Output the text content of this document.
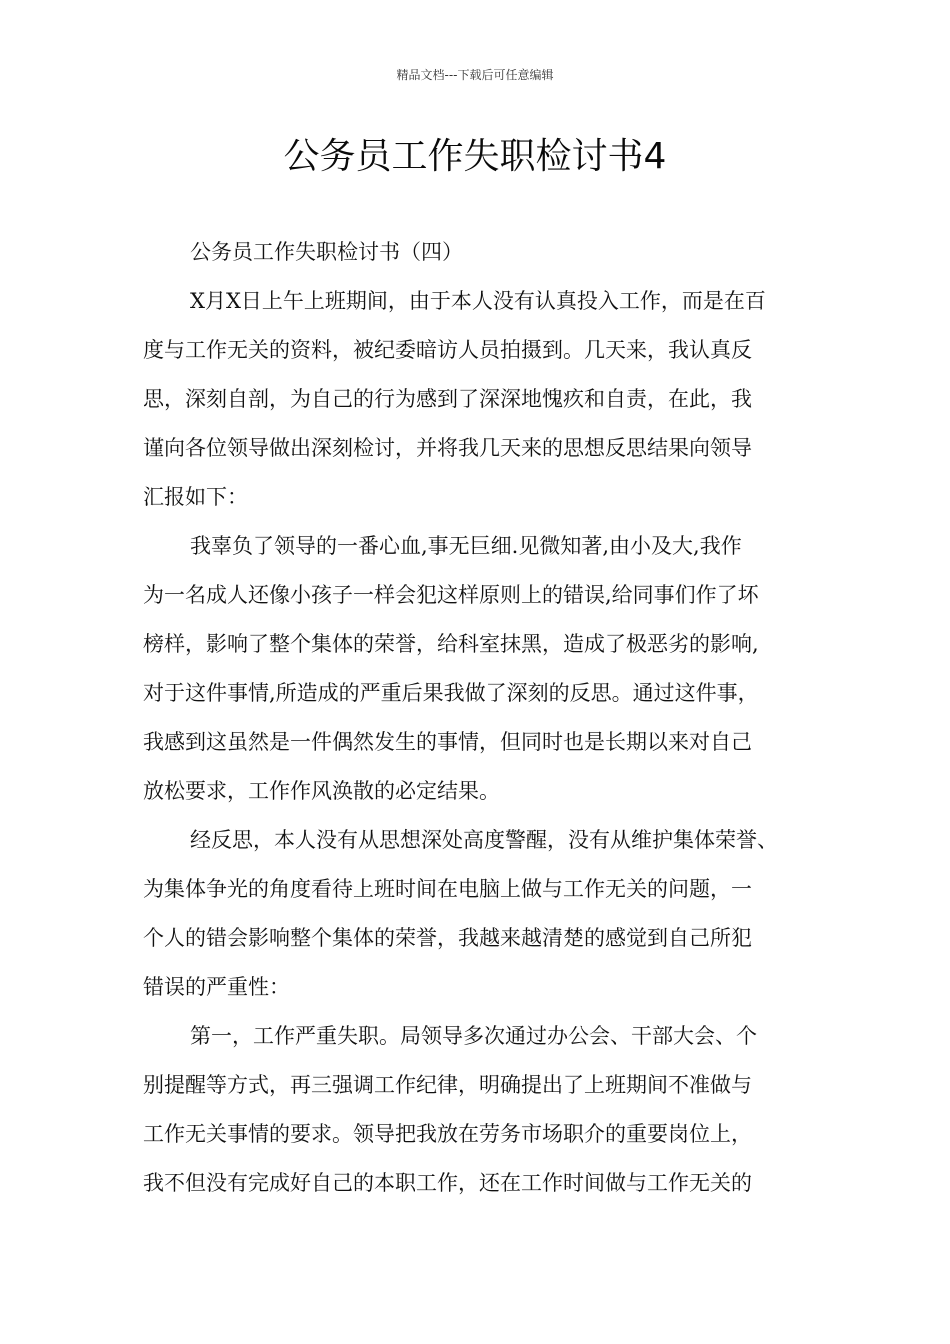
精品文档---下载后可任意编辑
公务员工作失职检讨书4
公务员工作失职检讨书（四）
X月X日上午上班期间，由于本人没有认真投入工作，而是在百
度与工作无关的资料，被纪委暗访人员拍摄到。几天来，我认真反
思，深刻自剖，为自己的行为感到了深深地愧疚和自责，在此，我
谨向各位领导做出深刻检讨，并将我几天来的思想反思结果向领导
汇报如下：
我辜负了领导的一番心血,事无巨细.见微知著,由小及大,我作
为一名成人还像小孩子一样会犯这样原则上的错误,给同事们作了坏
榜样，影响了整个集体的荣誉，给科室抹黑，造成了极恶劣的影响,
对于这件事情,所造成的严重后果我做了深刻的反思。通过这件事，
我感到这虽然是一件偶然发生的事情，但同时也是长期以来对自己
放松要求，工作作风涣散的必定结果。
经反思，本人没有从思想深处高度警醒，没有从维护集体荣誉、
为集体争光的角度看待上班时间在电脑上做与工作无关的问题，一
个人的错会影响整个集体的荣誉，我越来越清楚的感觉到自己所犯
错误的严重性：
第一，工作严重失职。局领导多次通过办公会、干部大会、个
别提醒等方式，再三强调工作纪律，明确提出了上班期间不准做与
工作无关事情的要求。领导把我放在劳务市场职介的重要岗位上，
我不但没有完成好自己的本职工作，还在工作时间做与工作无关的
